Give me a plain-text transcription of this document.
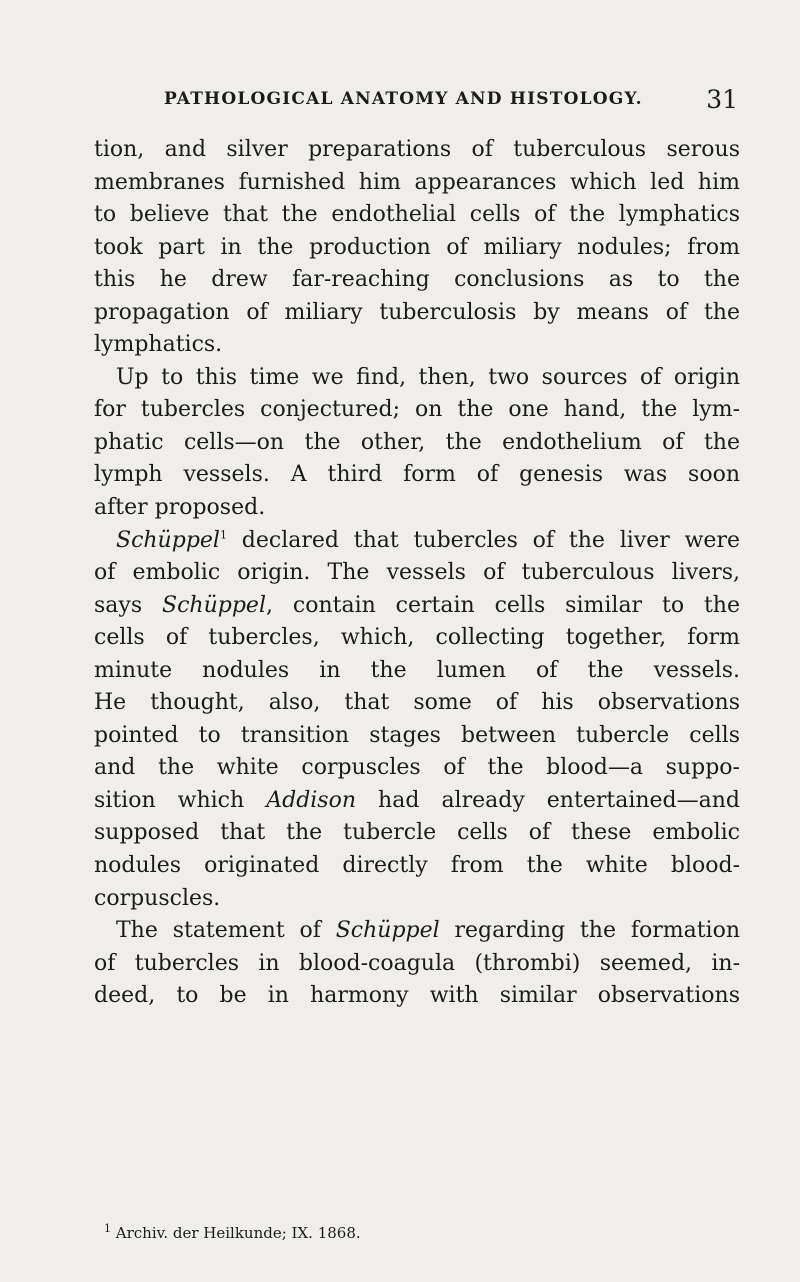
PATHOLOGICAL ANATOMY AND HISTOLOGY.	31
tion, and silver preparations of tuberculous serous
membranes furnished him appearances which led him
to believe that the endothelial cells of the lymphatics
took part in the production of miliary nodules; from
this he drew far-reaching conclusions as to the
propagation of miliary tuberculosis by means of the
lymphatics.
Up to this time we find, then, two sources of origin
for tubercles conjectured; on the one hand, the lym-
phatic cells—on the other, the endothelium of the
lymph vessels. A third form of genesis was soon
after proposed.
Schüppel$^1$ declared that tubercles of the liver were
of embolic origin. The vessels of tuberculous livers,
says Schüppel, contain certain cells similar to the
cells of tubercles, which, collecting together, form
minute nodules in the lumen of the vessels.
He thought, also, that some of his observations
pointed to transition stages between tubercle cells
and the white corpuscles of the blood—a suppo-
sition which Addison had already entertained—and
supposed that the tubercle cells of these embolic
nodules originated directly from the white blood-
corpuscles.
The statement of Schüppel regarding the formation
of tubercles in blood-coagula (thrombi) seemed, in-
deed, to be in harmony with similar observations
$^1$ Archiv. der Heilkunde; IX. 1868.
